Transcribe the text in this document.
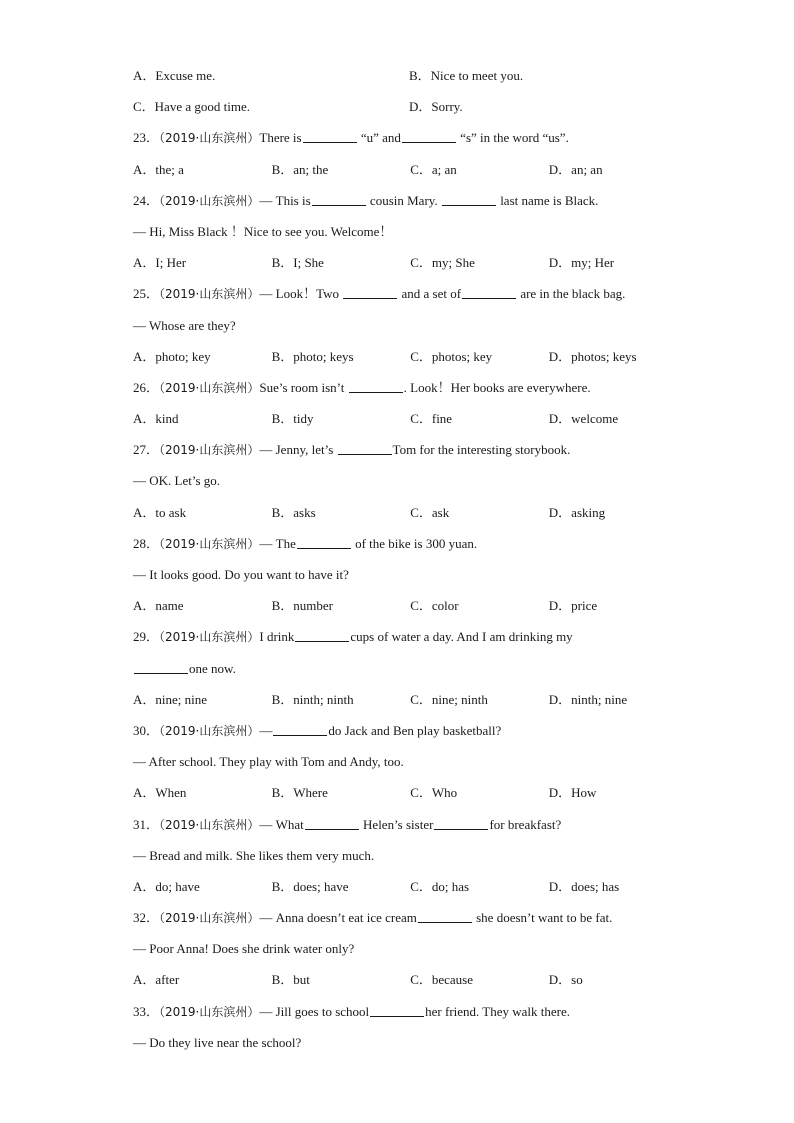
A．Excuse me.	B．Nice to meet you.
C．Have a good time.	D．Sorry.
23．（2019·山东滨州）There is	“u” and	“s” in the word “us”.
A．the; a	B．an; the	C．a; an	D．an; an
24．（2019·山东滨州）— This is	cousin Mary.	last name is Black.
— Hi, Miss Black ！Nice to see you. Welcome！
A．I; Her	B．I; She	C．my; She	D．my; Her
25．（2019·山东滨州）— Look！Two	and a set of	are in the black bag.
— Whose are they?
A．photo; key	B．photo; keys	C．photos; key	D．photos; keys
26．（2019·山东滨州）Sue’s room isn’t	. Look！Her books are everywhere.
A．kind	B．tidy	C．fine	D．welcome
27．（2019·山东滨州）— Jenny, let’s	Tom for the interesting storybook.
— OK. Let’s go.
A．to ask	B．asks	C．ask	D．asking
28．（2019·山东滨州）— The	of the bike is 300 yuan.
— It looks good. Do you want to have it?
A．name	B．number	C．color	D．price
29．（2019·山东滨州）I drink	cups of water a day. And I am drinking my
one now.
A．nine; nine	B．ninth; ninth	C．nine; ninth	D．ninth; nine
30．（2019·山东滨州）—	do Jack and Ben play basketball?
— After school. They play with Tom and Andy, too.
A．When	B．Where	C．Who	D．How
31．（2019·山东滨州）— What	Helen’s sister	for breakfast?
— Bread and milk. She likes them very much.
A．do; have	B．does; have	C．do; has	D．does; has
32．（2019·山东滨州）— Anna doesn’t eat ice cream	she doesn’t want to be fat.
— Poor Anna! Does she drink water only?
A．after	B．but	C．because	D．so
33．（2019·山东滨州）— Jill goes to school	her friend. They walk there.
— Do they live near the school?
